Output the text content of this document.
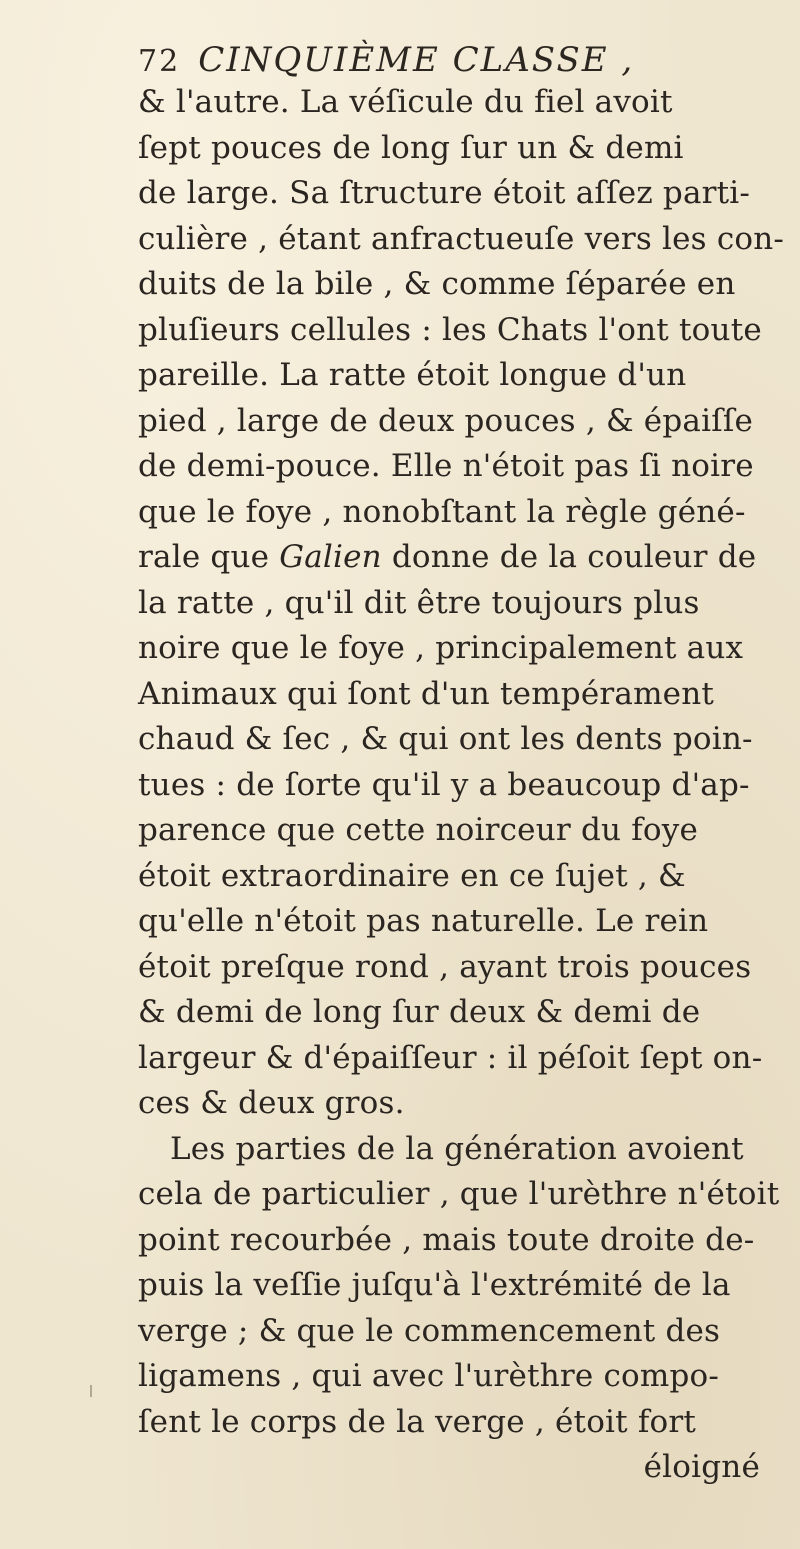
72 CINQUIÈME CLASSE ,
& l'autre. La véſicule du fiel avoit
ſept pouces de long ſur un & demi
de large. Sa ſtructure étoit aſſez parti-
culière , étant anfractueuſe vers les con-
duits de la bile , & comme ſéparée en
pluſieurs cellules : les Chats l'ont toute
pareille. La ratte étoit longue d'un
pied , large de deux pouces , & épaiſſe
de demi-pouce. Elle n'étoit pas ſi noire
que le foye , nonobſtant la règle géné-
rale que Galien donne de la couleur de
la ratte , qu'il dit être toujours plus
noire que le foye , principalement aux
Animaux qui ſont d'un tempérament
chaud & ſec , & qui ont les dents poin-
tues : de ſorte qu'il y a beaucoup d'ap-
parence que cette noirceur du foye
étoit extraordinaire en ce ſujet , &
qu'elle n'étoit pas naturelle. Le rein
étoit preſque rond , ayant trois pouces
& demi de long ſur deux & demi de
largeur & d'épaiſſeur : il péſoit ſept on-
ces & deux gros.
Les parties de la génération avoient
cela de particulier , que l'urèthre n'étoit
point recourbée , mais toute droite de-
puis la veſſie juſqu'à l'extrémité de la
verge ; & que le commencement des
ligamens , qui avec l'urèthre compo-
ſent le corps de la verge , étoit fort
éloigné
